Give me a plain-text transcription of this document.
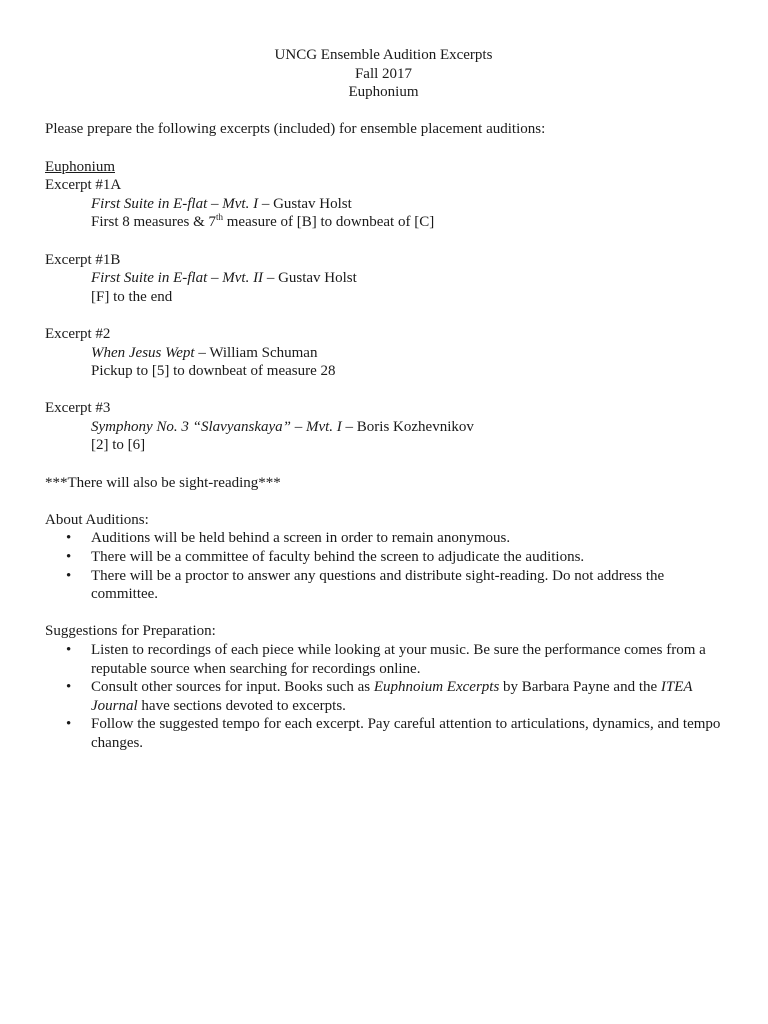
UNCG Ensemble Audition Excerpts
Fall 2017
Euphonium

Please prepare the following excerpts (included) for ensemble placement auditions:

Euphonium
Excerpt #1A
First Suite in E-flat – Mvt. I – Gustav Holst
First 8 measures & 7th measure of [B] to downbeat of [C]
Excerpt #1B
First Suite in E-flat – Mvt. II – Gustav Holst
[F] to the end
Excerpt #2
When Jesus Wept – William Schuman
Pickup to [5] to downbeat of measure 28
Excerpt #3
Symphony No. 3 “Slavyanskaya” – Mvt. I – Boris Kozhevnikov
[2] to [6]
***There will also be sight-reading***
About Auditions:
• Auditions will be held behind a screen in order to remain anonymous.
• There will be a committee of faculty behind the screen to adjudicate the auditions.
• There will be a proctor to answer any questions and distribute sight-reading. Do not address the committee.
Suggestions for Preparation:
• Listen to recordings of each piece while looking at your music. Be sure the performance comes from a reputable source when searching for recordings online.
• Consult other sources for input. Books such as Euphnoium Excerpts by Barbara Payne and the ITEA Journal have sections devoted to excerpts.
• Follow the suggested tempo for each excerpt. Pay careful attention to articulations, dynamics, and tempo changes.
